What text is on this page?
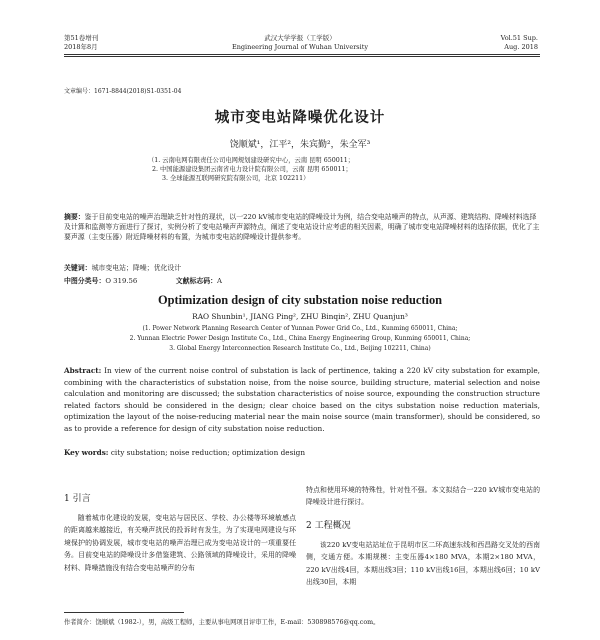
第51卷增刊
2018年8月
武汉大学学报（工学版）
Engineering Journal of Wuhan University
Vol.51 Sup.
Aug. 2018
文章编号：1671-8844(2018)S1-0351-04
城市变电站降噪优化设计
饶顺斌¹，江平²，朱宾勤²，朱全军³
（1. 云南电网有限责任公司电网规划建设研究中心，云南 昆明 650011；
2. 中国能源建设集团云南省电力设计院有限公司，云南 昆明 650011；
3. 全球能源互联网研究院有限公司，北京 102211）
摘要：鉴于目前变电站的噪声治理缺乏针对性的现状，以一220 kV城市变电站的降噪设计为例，结合变电站噪声的特点，从声源、建筑结构、降噪材料选择及计算和监测等方面进行了探讨，实例分析了变电站噪声声源特点，阐述了变电站设计应考虑的相关因素，明确了城市变电站降噪材料的选择依据，优化了主要声源（主变压器）附近降噪材料的布置，为城市变电站的降噪设计提供参考。
关键词：城市变电站；降噪；优化设计
中图分类号：O 319.56	文献标志码：A
Optimization design of city substation noise reduction
RAO Shunbin¹, JIANG Ping², ZHU Binqin², ZHU Quanjun³
(1. Power Network Planning Research Center of Yunnan Power Grid Co., Ltd., Kunming 650011, China;
2. Yunnan Electric Power Design Institute Co., Ltd., China Energy Engineering Group, Kunming 650011, China;
3. Global Energy Interconnection Research Institute Co., Ltd., Beijing 102211, China)
Abstract: In view of the current noise control of substation is lack of pertinence, taking a 220 kV city substation for example, combining with the characteristics of substation noise, from the noise source, building structure, material selection and noise calculation and monitoring are discussed; the substation characteristics of noise source, expounding the construction structure related factors should be considered in the design; clear choice based on the citys substation noise reduction materials, optimization the layout of the noise-reducing material near the main noise source (main transformer), should be considered, so as to provide a reference for design of city substation noise reduction.
Key words: city substation; noise reduction; optimization design
1 引言
随着城市化建设的发展，变电站与居民区、学校、办公楼等环境敏感点的距离越来越接近，有关噪声扰民的投诉时有发生，为了实现电网建设与环境保护的协调发展，城市变电站的噪声治理已成为变电站设计的一项重要任务。目前变电站的降噪设计多借鉴建筑、公路领域的降噪设计，采用的降噪材料、降噪措施没有结合变电站噪声的分布
特点和使用环境的特殊性，针对性不强。本文拟结合一220 kV城市变电站的降噪设计进行探讨。
2 工程概况
该220 kV变电站站址位于昆明市区二环高速东线和西昌路交叉处的西南侧，交通方便。本期规模：主变压器4×180 MVA，本期2×180 MVA，220 kV出线4回，本期出线3回；110 kV出线16回，本期出线6回；10 kV出线30回，本期
作者简介：饶顺斌（1982-），男，高级工程师，主要从事电网项目评审工作，E-mail：530898576@qq.com。
